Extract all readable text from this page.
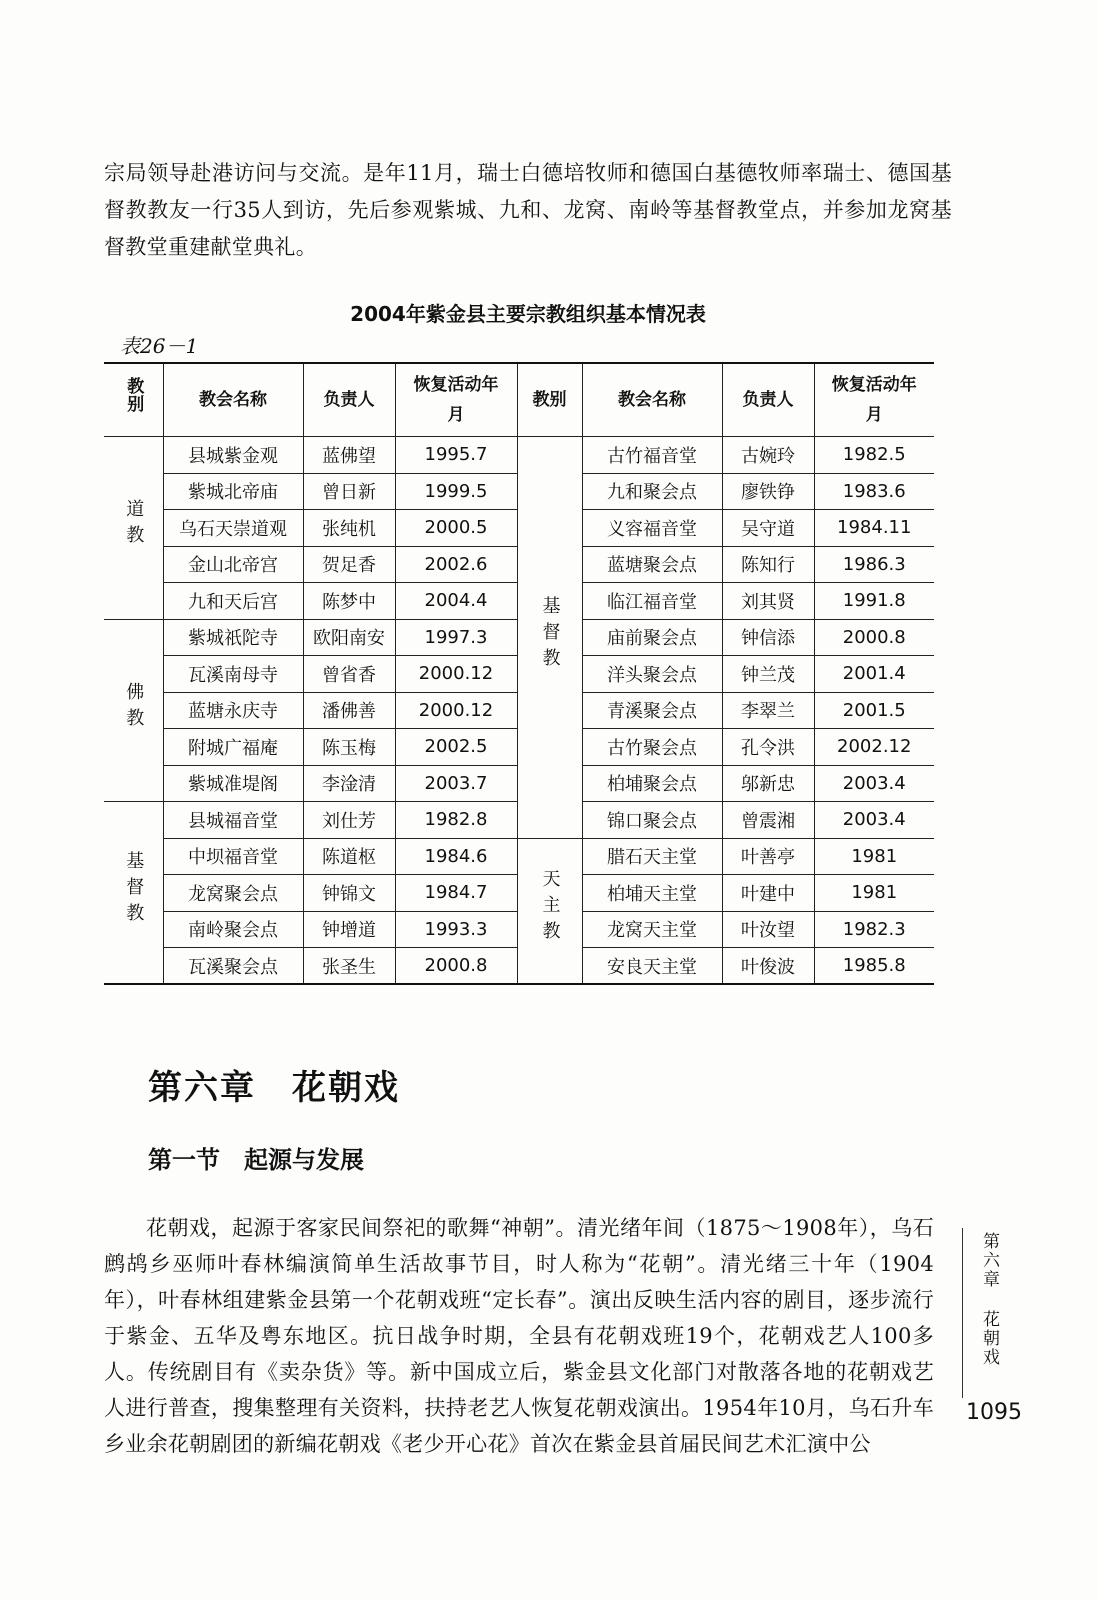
宗局领导赴港访问与交流。是年11月，瑞士白德培牧师和德国白基德牧师率瑞士、德国基督教教友一行35人到访，先后参观紫城、九和、龙窝、南岭等基督教堂点，并参加龙窝基督教堂重建献堂典礼。

2004年紫金县主要宗教组织基本情况表
表26－1
教别	教会名称	负责人	恢复活动年月	教别	教会名称	负责人	恢复活动年月
道教	县城紫金观	蓝佛望	1995.7	基督教	古竹福音堂	古婉玲	1982.5
	紫城北帝庙	曾日新	1999.5		九和聚会点	廖铁铮	1983.6
	乌石天崇道观	张纯机	2000.5		义容福音堂	吴守道	1984.11
	金山北帝宫	贺足香	2002.6		蓝塘聚会点	陈知行	1986.3
	九和天后宫	陈梦中	2004.4		临江福音堂	刘其贤	1991.8
佛教	紫城祇陀寺	欧阳南安	1997.3		庙前聚会点	钟信添	2000.8
	瓦溪南母寺	曾省香	2000.12		洋头聚会点	钟兰茂	2001.4
	蓝塘永庆寺	潘佛善	2000.12		青溪聚会点	李翠兰	2001.5
	附城广福庵	陈玉梅	2002.5		古竹聚会点	孔令洪	2002.12
	紫城准堤阁	李淦清	2003.7		柏埔聚会点	邬新忠	2003.4
基督教	县城福音堂	刘仕芳	1982.8		锦口聚会点	曾震湘	2003.4
	中坝福音堂	陈道枢	1984.6	天主教	腊石天主堂	叶善亭	1981
	龙窝聚会点	钟锦文	1984.7		柏埔天主堂	叶建中	1981
	南岭聚会点	钟增道	1993.3		龙窝天主堂	叶汝望	1982.3
	瓦溪聚会点	张圣生	2000.8		安良天主堂	叶俊波	1985.8
第六章　花朝戏
第一节　起源与发展

花朝戏，起源于客家民间祭祀的歌舞“神朝”。清光绪年间（1875～1908年），乌石鹧鸪乡巫师叶春林编演简单生活故事节目，时人称为“花朝”。清光绪三十年（1904年），叶春林组建紫金县第一个花朝戏班“定长春”。演出反映生活内容的剧目，逐步流行于紫金、五华及粤东地区。抗日战争时期，全县有花朝戏班19个，花朝戏艺人100多人。传统剧目有《卖杂货》等。新中国成立后，紫金县文化部门对散落各地的花朝戏艺人进行普查，搜集整理有关资料，扶持老艺人恢复花朝戏演出。1954年10月，乌石升车乡业余花朝剧团的新编花朝戏《老少开心花》首次在紫金县首届民间艺术汇演中公

第六章
花朝戏
1095
